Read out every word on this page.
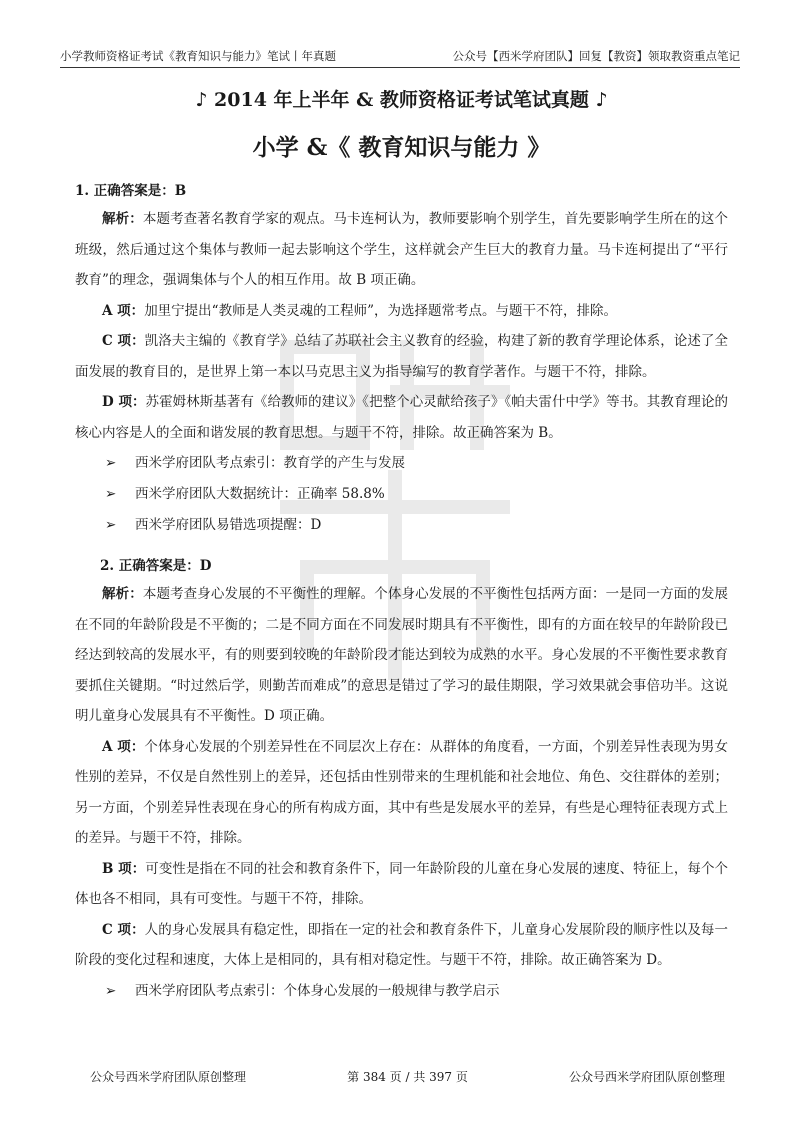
小学教师资格证考试《教育知识与能力》笔试丨年真题	公众号【西米学府团队】回复【教资】领取教资重点笔记
♪ 2014 年上半年 & 教师资格证考试笔试真题 ♪
小学 &《 教育知识与能力 》
1. 正确答案是：B

解析：本题考查著名教育学家的观点。马卡连柯认为，教师要影响个别学生，首先要影响学生所在的这个班级，然后通过这个集体与教师一起去影响这个学生，这样就会产生巨大的教育力量。马卡连柯提出了“平行教育”的理念，强调集体与个人的相互作用。故 B 项正确。

A 项：加里宁提出“教师是人类灵魂的工程师”，为选择题常考点。与题干不符，排除。

C 项：凯洛夫主编的《教育学》总结了苏联社会主义教育的经验，构建了新的教育学理论体系，论述了全面发展的教育目的，是世界上第一本以马克思主义为指导编写的教育学著作。与题干不符，排除。

D 项：苏霍姆林斯基著有《给教师的建议》《把整个心灵献给孩子》《帕夫雷什中学》等书。其教育理论的核心内容是人的全面和谐发展的教育思想。与题干不符，排除。故正确答案为 B。

➢	西米学府团队考点索引：教育学的产生与发展
➢	西米学府团队大数据统计：正确率 58.8%
➢	西米学府团队易错选项提醒：D
2. 正确答案是：D

解析：本题考查身心发展的不平衡性的理解。个体身心发展的不平衡性包括两方面：一是同一方面的发展在不同的年龄阶段是不平衡的；二是不同方面在不同发展时期具有不平衡性，即有的方面在较早的年龄阶段已经达到较高的发展水平，有的则要到较晚的年龄阶段才能达到较为成熟的水平。身心发展的不平衡性要求教育要抓住关键期。“时过然后学，则勤苦而难成”的意思是错过了学习的最佳期限，学习效果就会事倍功半。这说明儿童身心发展具有不平衡性。D 项正确。

A 项：个体身心发展的个别差异性在不同层次上存在：从群体的角度看，一方面，个别差异性表现为男女性别的差异，不仅是自然性别上的差异，还包括由性别带来的生理机能和社会地位、角色、交往群体的差别；另一方面，个别差异性表现在身心的所有构成方面，其中有些是发展水平的差异，有些是心理特征表现方式上的差异。与题干不符，排除。

B 项：可变性是指在不同的社会和教育条件下，同一年龄阶段的儿童在身心发展的速度、特征上，每个个体也各不相同，具有可变性。与题干不符，排除。

C 项：人的身心发展具有稳定性，即指在一定的社会和教育条件下，儿童身心发展阶段的顺序性以及每一阶段的变化过程和速度，大体上是相同的，具有相对稳定性。与题干不符，排除。故正确答案为 D。

➢	西米学府团队考点索引：个体身心发展的一般规律与教学启示
公众号西米学府团队原创整理	第 384 页 / 共 397 页	公众号西米学府团队原创整理
